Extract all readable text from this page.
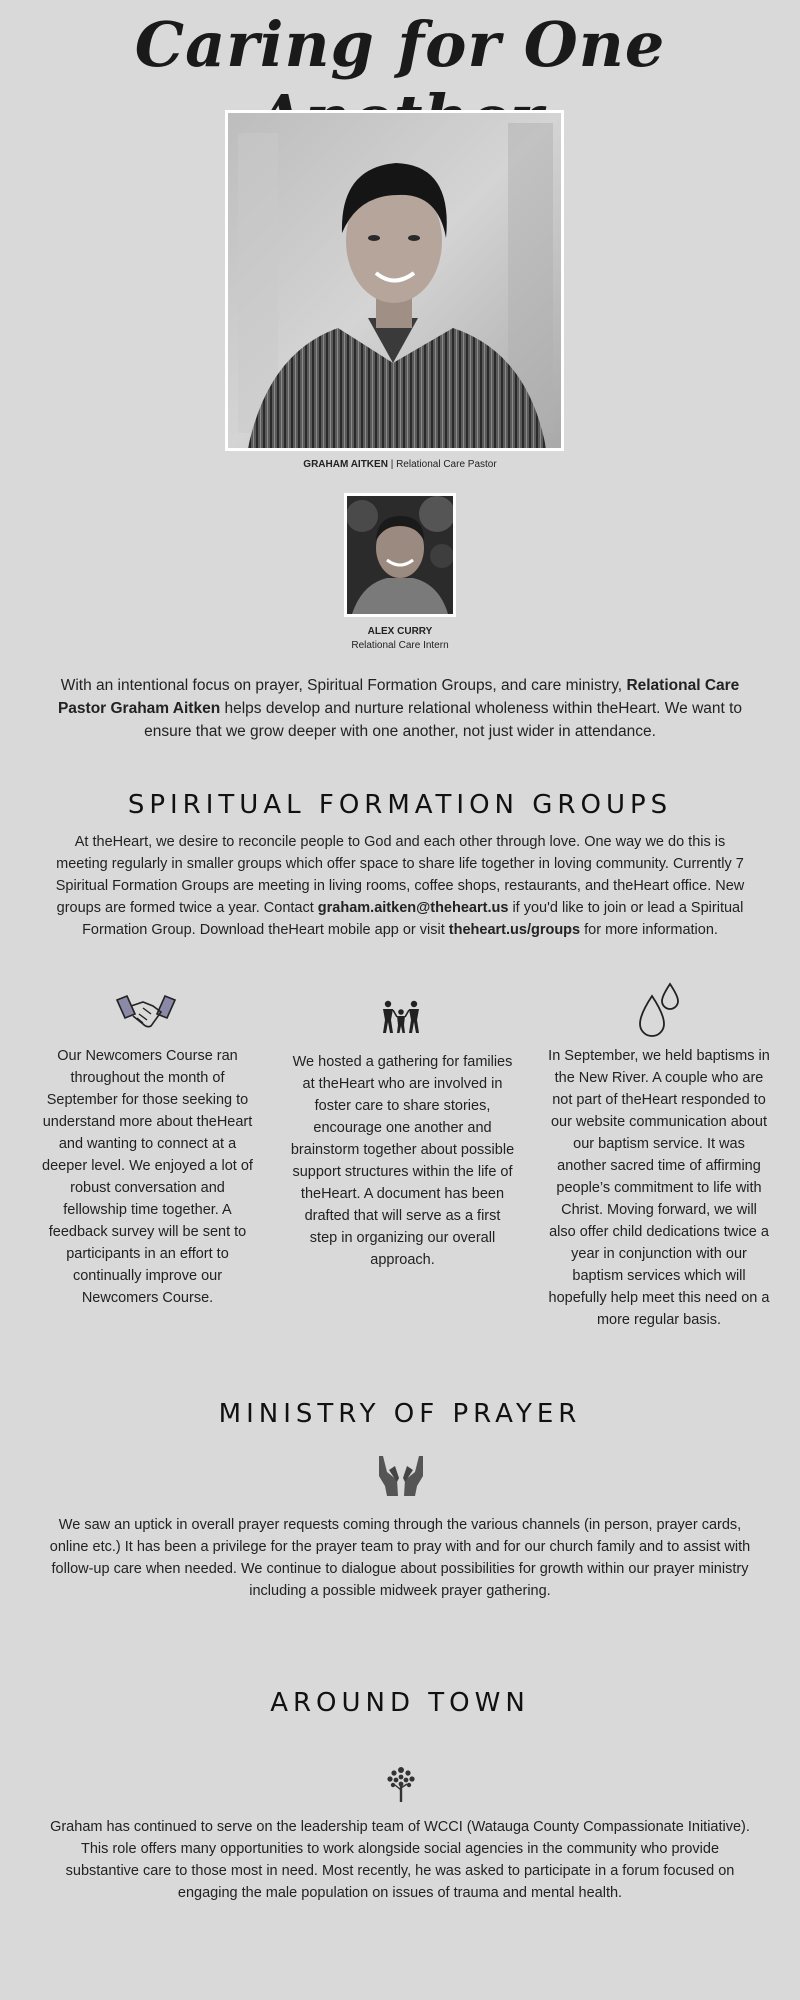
Caring for One
GRAHAM AITKEN | Relational Care Pastor
ALEX CURRY
Relational Care Intern
With an intentional focus on prayer, Spiritual Formation Groups, and care ministry, Relational Care Pastor Graham Aitken helps develop and nurture relational wholeness within theHeart. We want to ensure that we grow deeper with one another, not just wider in attendance.
SPIRITUAL FORMATION GROUPS
At theHeart, we desire to reconcile people to God and each other through love. One way we do this is meeting regularly in smaller groups which offer space to share life together in loving community. Currently 7 Spiritual Formation Groups are meeting in living rooms, coffee shops, restaurants, and theHeart office. New groups are formed twice a year. Contact graham.aitken@theheart.us if you'd like to join or lead a Spiritual Formation Group. Download theHeart mobile app or visit theheart.us/groups for more information.
Our Newcomers Course ran throughout the month of September for those seeking to understand more about theHeart and wanting to connect at a deeper level. We enjoyed a lot of robust conversation and fellowship time together. A feedback survey will be sent to participants in an effort to continually improve our Newcomers Course.
We hosted a gathering for families at theHeart who are involved in foster care to share stories, encourage one another and brainstorm together about possible support structures within the life of theHeart. A document has been drafted that will serve as a first step in organizing our overall approach.
In September, we held baptisms in the New River. A couple who are not part of theHeart responded to our website communication about our baptism service. It was another sacred time of affirming people’s commitment to life with Christ. Moving forward, we will also offer child dedications twice a year in conjunction with our baptism services which will hopefully help meet this need on a more regular basis.
MINISTRY OF PRAYER
We saw an uptick in overall prayer requests coming through the various channels (in person, prayer cards, online etc.) It has been a privilege for the prayer team to pray with and for our church family and to assist with follow-up care when needed. We continue to dialogue about possibilities for growth within our prayer ministry including a possible midweek prayer gathering.
AROUND TOWN
Graham has continued to serve on the leadership team of WCCI (Watauga County Compassionate Initiative). This role offers many opportunities to work alongside social agencies in the community who provide substantive care to those most in need. Most recently, he was asked to participate in a forum focused on engaging the male population on issues of trauma and mental health.
